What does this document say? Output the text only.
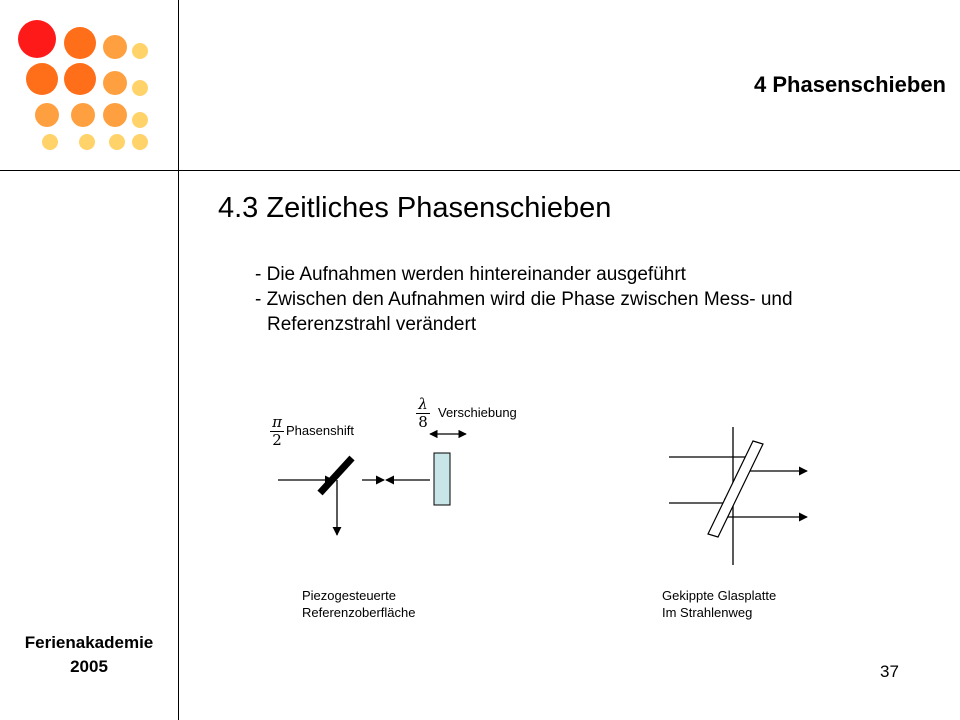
4 Phasenschieben
4.3 Zeitliches Phasenschieben
- Die Aufnahmen werden hintereinander ausgeführt
- Zwischen den Aufnahmen wird die Phase zwischen Mess- und
Referenzstrahl verändert
$\frac{\pi}{2}$ Phasenshift	$\frac{\lambda}{8}$ Verschiebung
Piezogesteuerte
Referenzoberfläche
Gekippte Glasplatte
Im Strahlenweg
Ferienakademie
2005	37
